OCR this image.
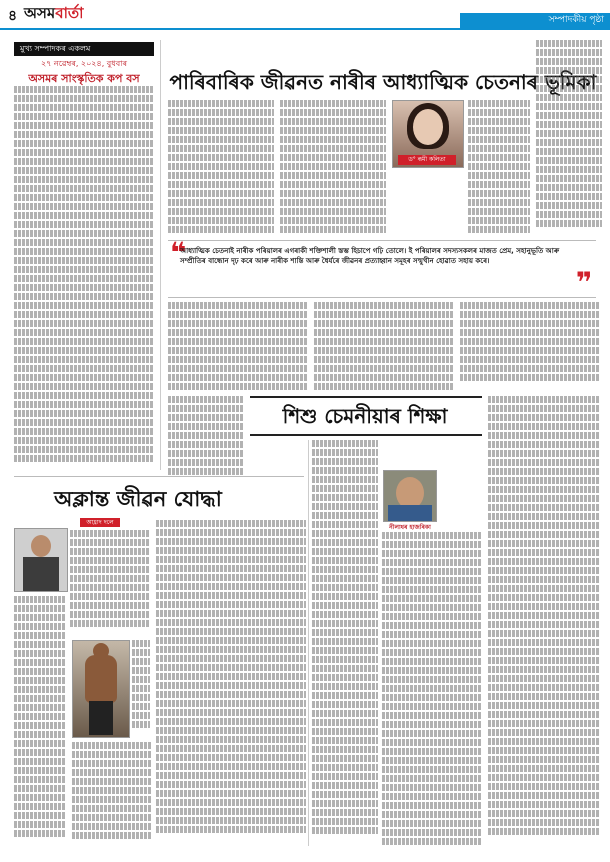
৪ অসমবাৰ্তা	সম্পাদকীয় পৃষ্ঠা
মুখ্য সম্পাদকৰ একলম
২৭ নৱেম্বৰ, ২০২৪, বুধবাৰ
অসমৰ সাংস্কৃতিক কপ বস	পাৰিবাৰিক জীৱনত নাৰীৰ আধ্যাত্মিক চেতনাৰ ভূমিকা
ড° ৰূমী কলিতা
❝
আধ্যাত্মিক চেতনাই নাৰীক পৰিয়ালৰ এগৰাকী শক্তিশালী স্তম্ভ হিচাপে গঢ়ি তোলে। ই পৰিয়ালৰ সদস্যসকলৰ মাজত প্ৰেম, সহানুভূতি আৰু সম্প্ৰীতিৰ বান্ধোন দৃঢ় কৰে আৰু নাৰীক শান্তি আৰু ধৈৰ্যৰে জীৱনৰ প্ৰত্যাহ্বান সমূহৰ সন্মুখীন হোৱাত সহায় কৰে।
❞
শিশু চেমনীয়াৰ শিক্ষা
নীলাধৰ হাজৰিকা
অক্লান্ত জীৱন যোদ্ধা
আহ্লাদ দলে
